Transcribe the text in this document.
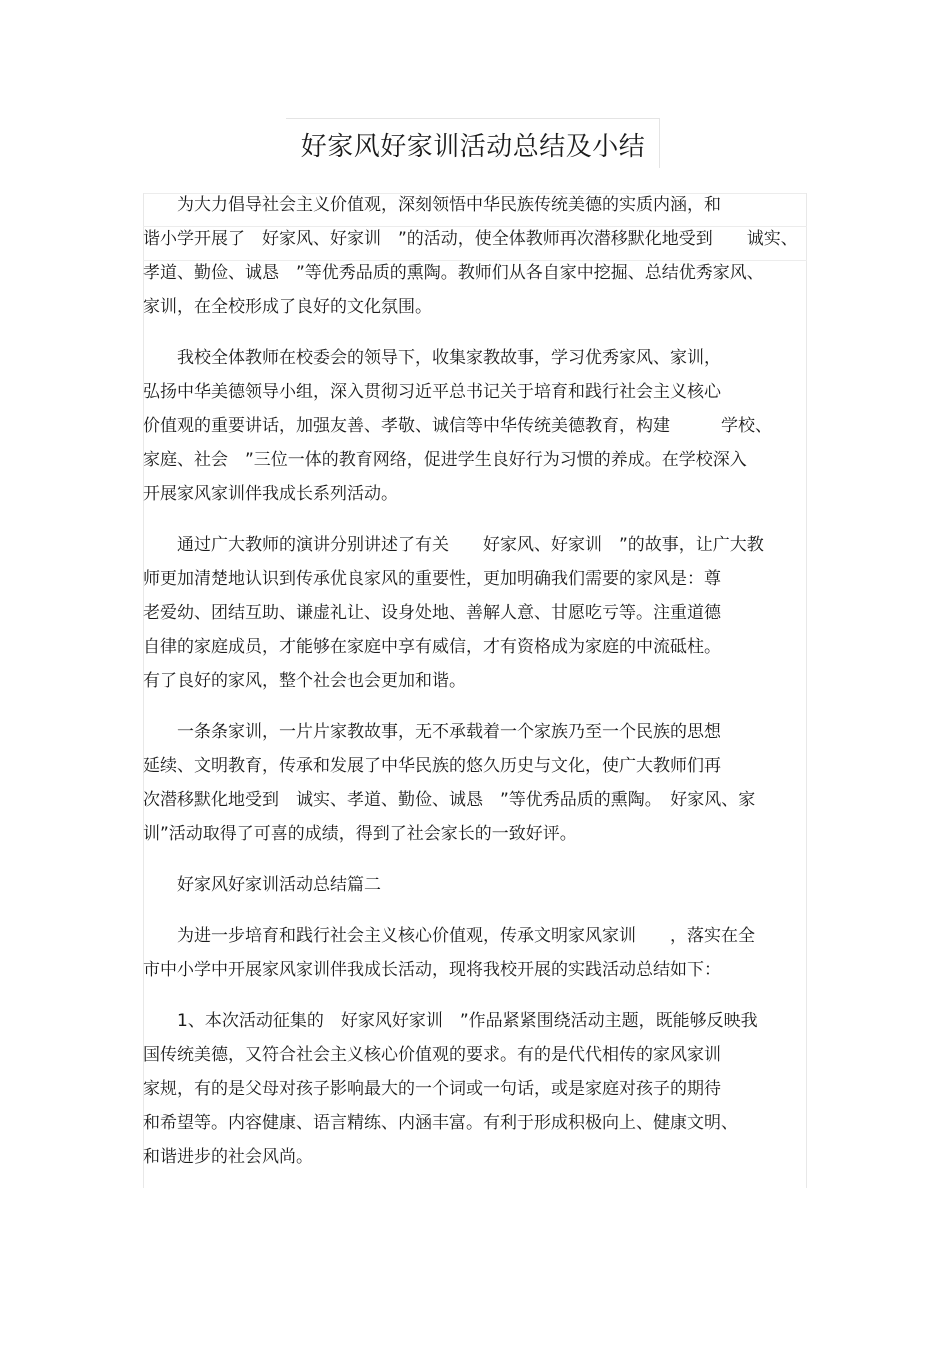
好家风好家训活动总结及小结
　　为大力倡导社会主义价值观，深刻领悟中华民族传统美德的实质内涵，和
谐小学开展了　好家风、好家训　”的活动，使全体教师再次潜移默化地受到　　诚实、
孝道、勤俭、诚恳　”等优秀品质的熏陶。教师们从各自家中挖掘、总结优秀家风、
家训，在全校形成了良好的文化氛围。
　　我校全体教师在校委会的领导下，收集家教故事，学习优秀家风、家训，
弘扬中华美德领导小组，深入贯彻习近平总书记关于培育和践行社会主义核心
价值观的重要讲话，加强友善、孝敬、诚信等中华传统美德教育，构建　　　学校、
家庭、社会　”三位一体的教育网络，促进学生良好行为习惯的养成。在学校深入
开展家风家训伴我成长系列活动。
　　通过广大教师的演讲分别讲述了有关　　好家风、好家训　”的故事，让广大教
师更加清楚地认识到传承优良家风的重要性，更加明确我们需要的家风是：尊
老爱幼、团结互助、谦虚礼让、设身处地、善解人意、甘愿吃亏等。注重道德
自律的家庭成员，才能够在家庭中享有威信，才有资格成为家庭的中流砥柱。
有了良好的家风，整个社会也会更加和谐。
　　一条条家训，一片片家教故事，无不承载着一个家族乃至一个民族的思想
延续、文明教育，传承和发展了中华民族的悠久历史与文化，使广大教师们再
次潜移默化地受到　诚实、孝道、勤俭、诚恳　”等优秀品质的熏陶。　好家风、家
训”活动取得了可喜的成绩，得到了社会家长的一致好评。
　　好家风好家训活动总结篇二
　　为进一步培育和践行社会主义核心价值观，传承文明家风家训　　，落实在全
市中小学中开展家风家训伴我成长活动，现将我校开展的实践活动总结如下：
　　1、本次活动征集的　好家风好家训　”作品紧紧围绕活动主题，既能够反映我
国传统美德，又符合社会主义核心价值观的要求。有的是代代相传的家风家训
家规，有的是父母对孩子影响最大的一个词或一句话，或是家庭对孩子的期待
和希望等。内容健康、语言精练、内涵丰富。有利于形成积极向上、健康文明、
和谐进步的社会风尚。
